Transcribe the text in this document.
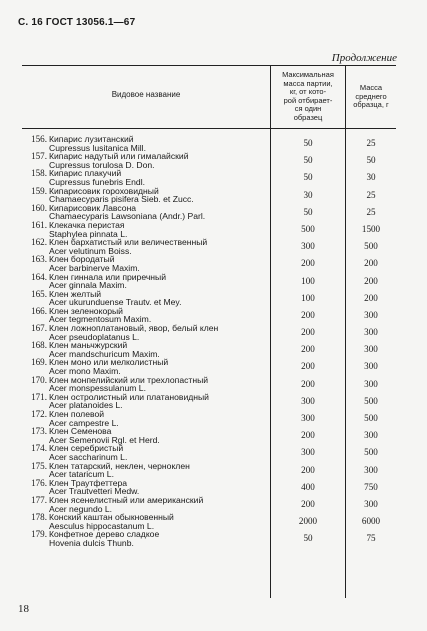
С. 16 ГОСТ 13056.1—67
Продолжение
Видовое название
Максимальная
масса партии,
кг, от кото-
рой отбирает-
ся один
образец
Масса
среднего
образца, г
156. Кипарис лузитанский
Cupressus lusitanica Mill.	50	25
157. Кипарис надутый или гималайский
Cupressus torulosa D. Don.	50	50
158. Кипарис плакучий
Cupressus funebris Endl.	50	30
159. Кипарисовик гороховидный
Chamaecyparis pisifera Sieb. et Zucc.	30	25
160. Кипарисовик Лавсона
Chamaecyparis Lawsoniana (Andr.) Parl.	50	25
161. Клекачка перистая
Staphylea pinnata L.	500	1500
162. Клен бархатистый или величественный
Acer velutinum Boiss.	300	500
163. Клен бородатый
Acer barbinerve Maxim.	200	200
164. Клен гиннала или приречный
Acer ginnala Maxim.	100	200
165. Клен желтый
Acer ukurunduense Trautv. et Mey.	100	200
166. Клен зеленокорый
Acer tegmentosum Maxim.	200	300
167. Клен ложноплатановый, явор, белый клен
Acer pseudoplatanus L.	200	300
168. Клен маньчжурский
Acer mandschuricum Maxim.	200	300
169. Клен моно или мелколистный
Acer mono Maxim.	200	300
170. Клен монпелийский или трехлопастный
Acer monspessulanum L.	200	300
171. Клен остролистный или платановидный
Acer platanoides L.	300	500
172. Клен полевой
Acer campestre L.	300	500
173. Клен Семенова
Acer Semenovii Rgl. et Herd.	200	300
174. Клен серебристый
Acer saccharinum L.	300	500
175. Клен татарский, неклен, черноклен
Acer tataricum L.	200	300
176. Клен Траутфеттера
Acer Trautvetteri Medw.	400	750
177. Клен ясенелистный или американский
Acer negundo L.	200	300
178. Конский каштан обыкновенный
Aesculus hippocastanum L.	2000	6000
179. Конфетное дерево сладкое
Hovenia dulcis Thunb.	50	75
18
